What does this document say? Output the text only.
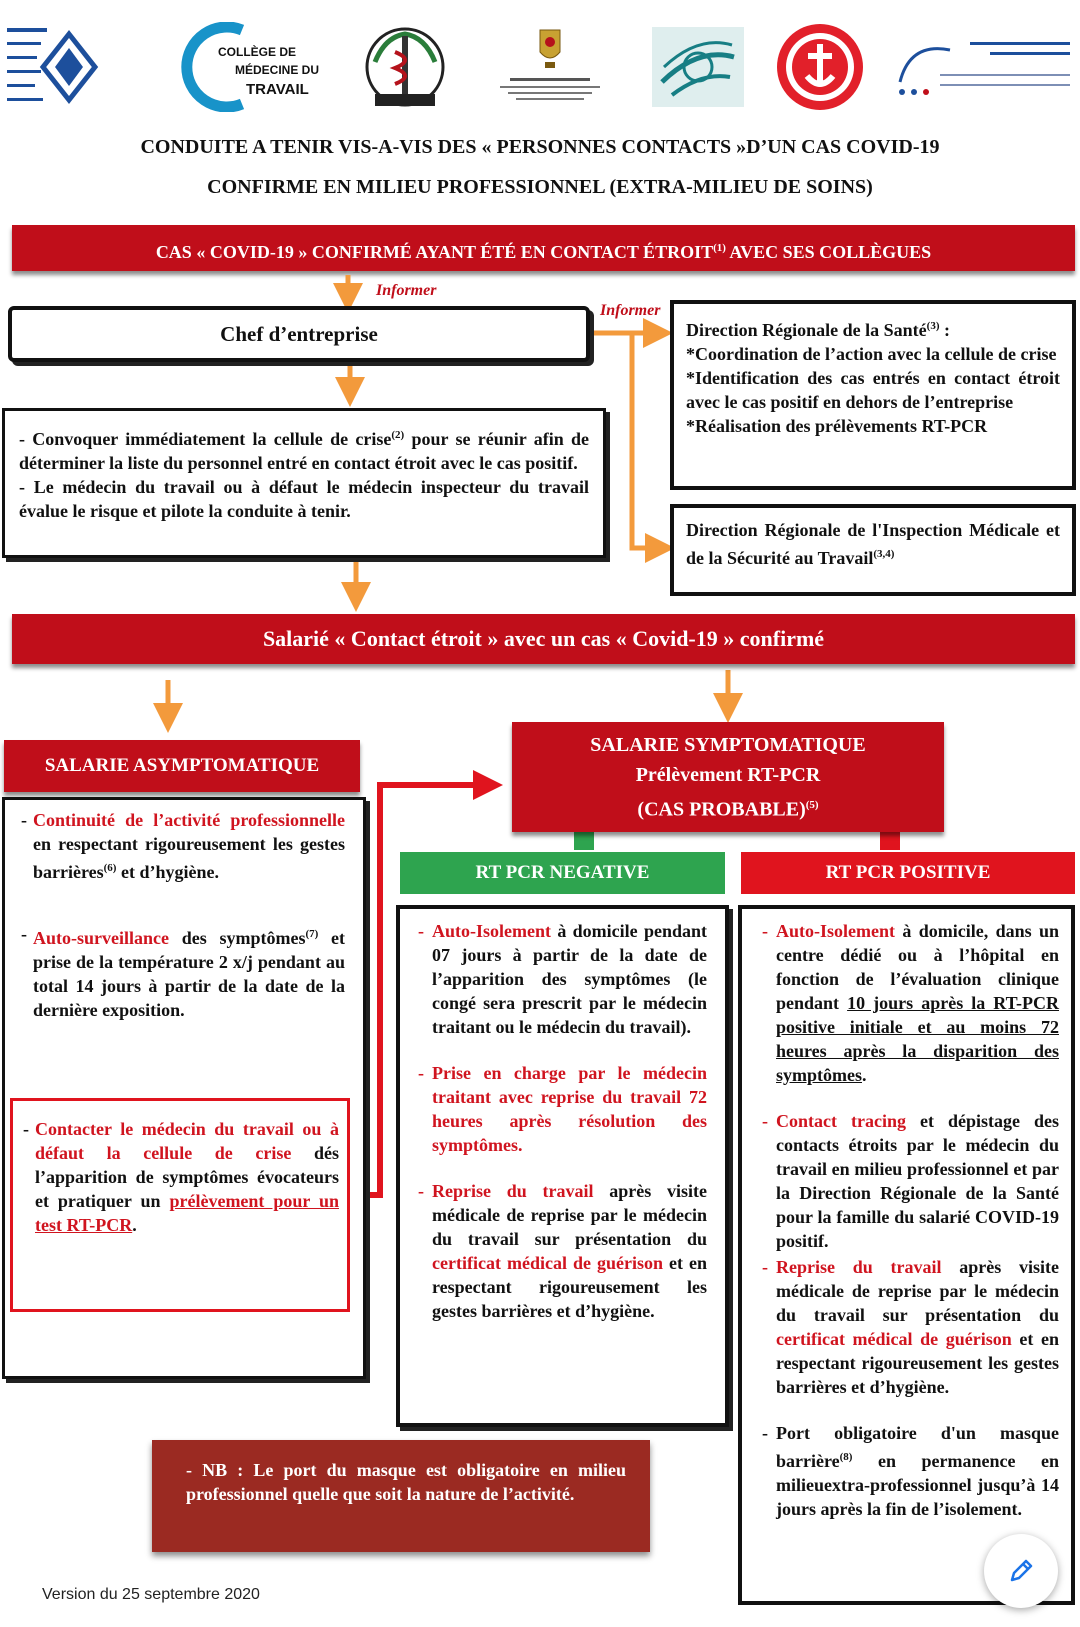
COLLÈGE DE
MÉDECINE DU
TRAVAIL
CONDUITE A TENIR VIS-A-VIS DES « PERSONNES CONTACTS »D’UN CAS COVID-19
CONFIRME EN MILIEU PROFESSIONNEL (EXTRA-MILIEU DE SOINS)
CAS « COVID-19 » CONFIRMÉ AYANT ÉTÉ EN CONTACT ÉTROIT$^{(1)}$ AVEC SES COLLÈGUES
Informer
Informer
Chef d’entreprise

- Convoquer immédiatement la cellule de crise$^{(2)}$ pour se réunir afin de déterminer la liste du personnel entré en contact étroit avec le cas positif.

- Le médecin du travail ou à défaut le médecin inspecteur du travail évalue le risque et pilote la conduite à tenir.

Direction Régionale de la Santé$^{(3)}$ :

*Coordination de l’action avec la cellule de crise

*Identification des cas entrés en contact étroit avec le cas positif en dehors de l’entreprise

*Réalisation des prélèvements RT-PCR

Direction Régionale de l'Inspection Médicale et de la Sécurité au Travail$^{(3,4)}$

Salarié « Contact étroit » avec un cas « Covid-19 » confirmé
SALARIE ASYMPTOMATIQUE
- Continuité de l’activité professionnelle en respectant rigoureusement les gestes barrières$^{(6)}$ et d’hygiène.
- Auto-surveillance des symptômes$^{(7)}$ et prise de la température 2 x/j pendant au total 14 jours à partir de la date de la dernière exposition.
- Contacter le médecin du travail ou à défaut la cellule de crise dés l’apparition de symptômes évocateurs et pratiquer un prélèvement pour un test RT-PCR.
SALARIE SYMPTOMATIQUE
Prélèvement RT-PCR
(CAS PROBABLE)$^{(5)}$
RT PCR NEGATIVE
- Auto-Isolement à domicile pendant 07 jours à partir de la date de l’apparition des symptômes (le congé sera prescrit par le médecin traitant ou le médecin du travail).
- Prise en charge par le médecin traitant avec reprise du travail 72 heures après résolution des symptômes.
- Reprise du travail après visite médicale de reprise par le médecin du travail sur présentation du certificat médical de guérison et en respectant rigoureusement les gestes barrières et d’hygiène.
RT PCR POSITIVE
- Auto-Isolement à domicile, dans un centre dédié ou à l’hôpital en fonction de l’évaluation clinique pendant 10 jours après la RT-PCR positive initiale et au moins 72 heures après la disparition des symptômes.
- Contact tracing et dépistage des contacts étroits par le médecin du travail en milieu professionnel et par la Direction Régionale de la Santé pour la famille du salarié COVID-19 positif.
- Reprise du travail après visite médicale de reprise par le médecin du travail sur présentation du certificat médical de guérison et en respectant rigoureusement les gestes barrières et d’hygiène.
- Port obligatoire d'un masque barrière$^{(8)}$ en permanence en milieuextra-professionnel jusqu’à 14 jours après la fin de l’isolement.
- NB : Le port du masque est obligatoire en milieu professionnel quelle que soit la nature de l’activité.
Version du 25 septembre 2020
